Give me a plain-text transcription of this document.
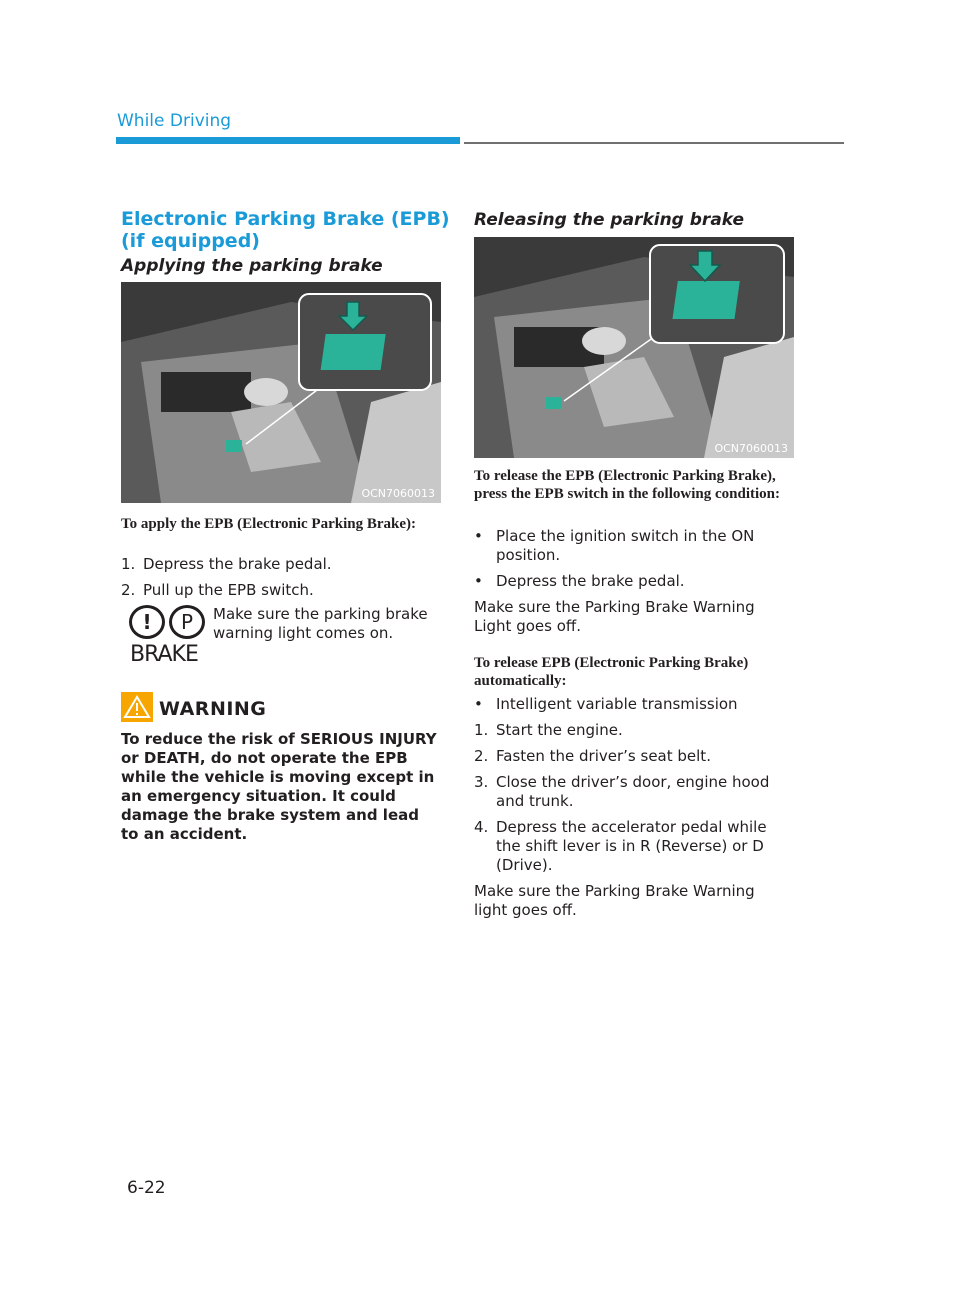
While Driving
Electronic Parking Brake (EPB) (if equipped)
Applying the parking brake
OCN7060013
To apply the EPB (Electronic Parking Brake):
1. Depress the brake pedal.
2. Pull up the EPB switch.
!	P
BRAKE
Make sure the parking brake warning light comes on.
WARNING
To reduce the risk of SERIOUS INJURY or DEATH, do not operate the EPB while the vehicle is moving except in an emergency situation. It could damage the brake system and lead to an accident.
Releasing the parking brake
OCN7060013
To release the EPB (Electronic Parking Brake), press the EPB switch in the following condition:
• Place the ignition switch in the ON position.
• Depress the brake pedal.
Make sure the Parking Brake Warning Light goes off.
To release EPB (Electronic Parking Brake) automatically:
• Intelligent variable transmission
1. Start the engine.
2. Fasten the driver’s seat belt.
3. Close the driver’s door, engine hood and trunk.
4. Depress the accelerator pedal while the shift lever is in R (Reverse) or D (Drive).
Make sure the Parking Brake Warning light goes off.
6-22
